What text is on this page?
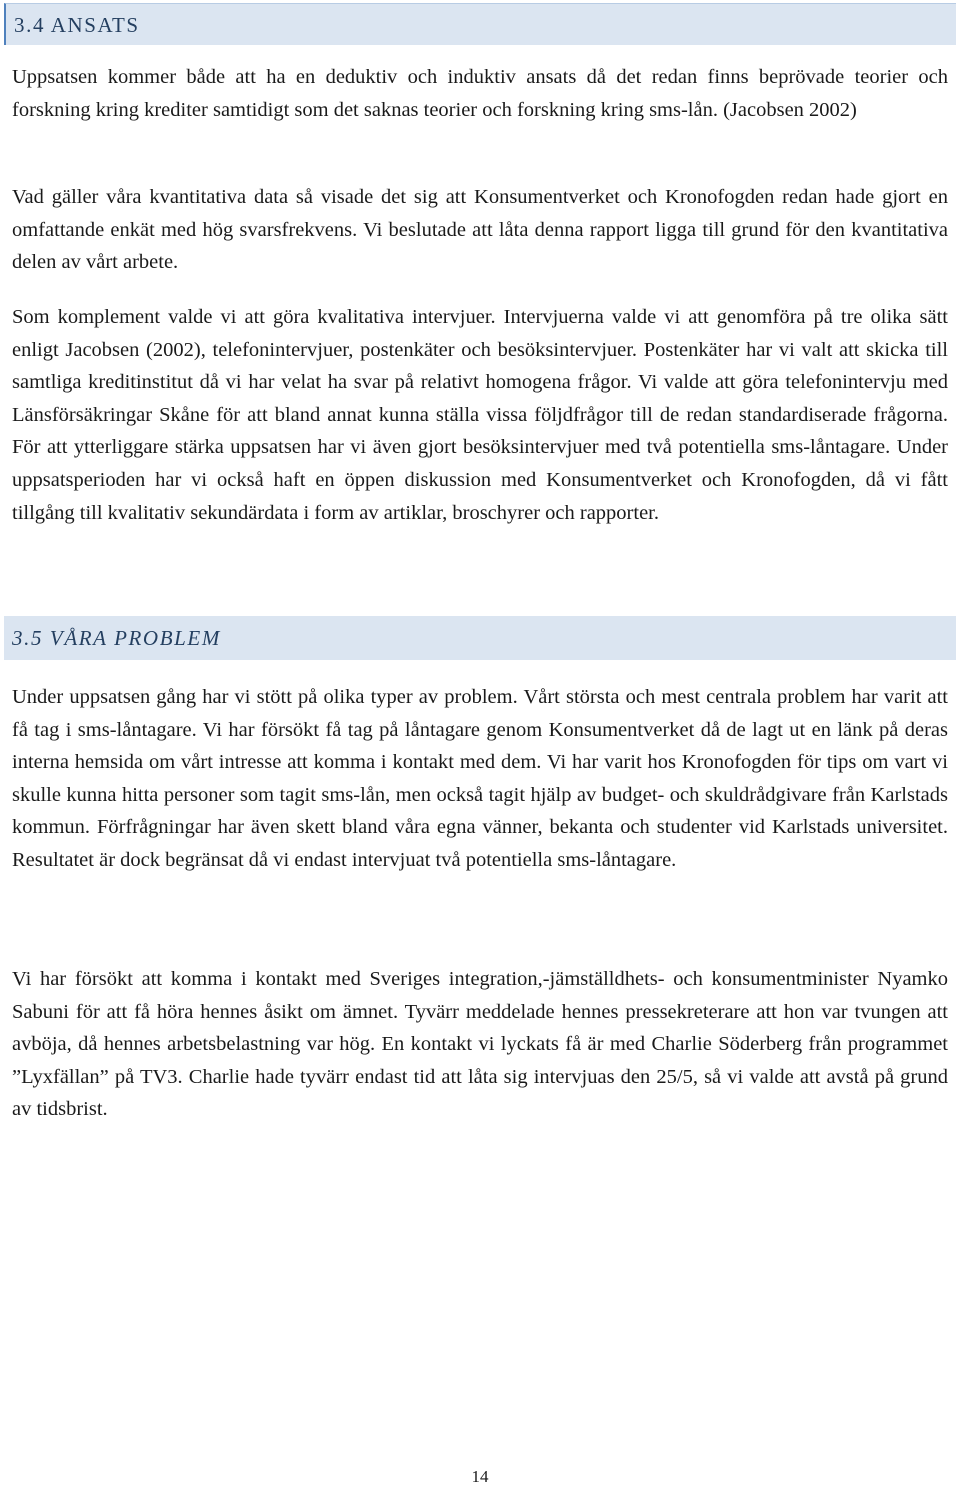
3.4 ANSATS

Uppsatsen kommer både att ha en deduktiv och induktiv ansats då det redan finns beprövade teorier och forskning kring krediter samtidigt som det saknas teorier och forskning kring sms-lån. (Jacobsen 2002)

Vad gäller våra kvantitativa data så visade det sig att Konsumentverket och Kronofogden redan hade gjort en omfattande enkät med hög svarsfrekvens. Vi beslutade att låta denna rapport ligga till grund för den kvantitativa delen av vårt arbete.

Som komplement valde vi att göra kvalitativa intervjuer. Intervjuerna valde vi att genomföra på tre olika sätt enligt Jacobsen (2002), telefonintervjuer, postenkäter och besöksintervjuer. Postenkäter har vi valt att skicka till samtliga kreditinstitut då vi har velat ha svar på relativt homogena frågor. Vi valde att göra telefonintervju med Länsförsäkringar Skåne för att bland annat kunna ställa vissa följdfrågor till de redan standardiserade frågorna. För att ytterliggare stärka uppsatsen har vi även gjort besöksintervjuer med två potentiella sms-låntagare. Under uppsatsperioden har vi också haft en öppen diskussion med Konsumentverket och Kronofogden, då vi fått tillgång till kvalitativ sekundärdata i form av artiklar, broschyrer och rapporter.

3.5 VÅRA PROBLEM

Under uppsatsen gång har vi stött på olika typer av problem. Vårt största och mest centrala problem har varit att få tag i sms-låntagare. Vi har försökt få tag på låntagare genom Konsumentverket då de lagt ut en länk på deras interna hemsida om vårt intresse att komma i kontakt med dem. Vi har varit hos Kronofogden för tips om vart vi skulle kunna hitta personer som tagit sms-lån, men också tagit hjälp av budget- och skuldrådgivare från Karlstads kommun. Förfrågningar har även skett bland våra egna vänner, bekanta och studenter vid Karlstads universitet. Resultatet är dock begränsat då vi endast intervjuat två potentiella sms-låntagare.

Vi har försökt att komma i kontakt med Sveriges integration,-jämställdhets- och konsumentminister Nyamko Sabuni för att få höra hennes åsikt om ämnet. Tyvärr meddelade hennes pressekreterare att hon var tvungen att avböja, då hennes arbetsbelastning var hög. En kontakt vi lyckats få är med Charlie Söderberg från programmet ”Lyxfällan” på TV3. Charlie hade tyvärr endast tid att låta sig intervjuas den 25/5, så vi valde att avstå på grund av tidsbrist.

14
